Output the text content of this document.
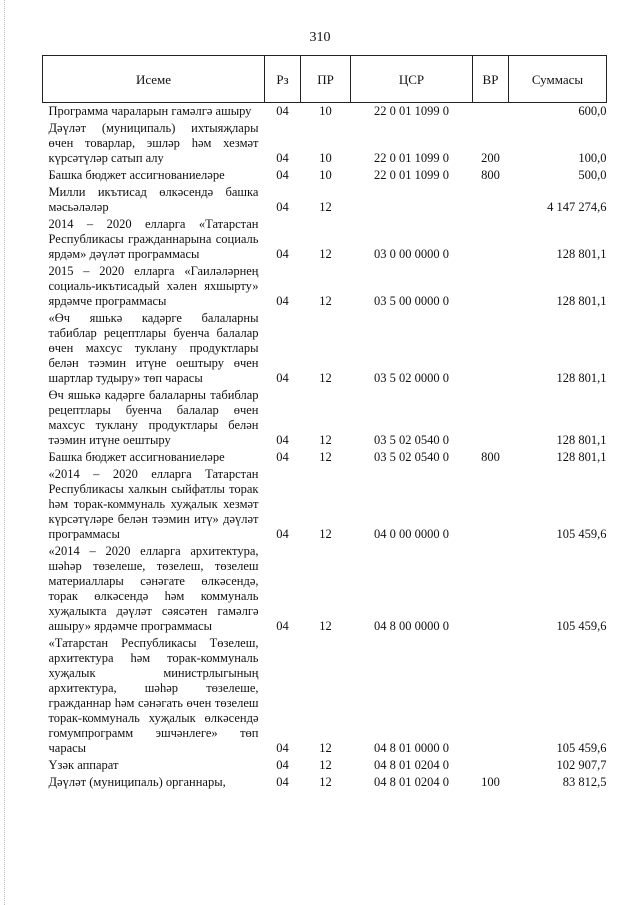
310
Исеме	Рз	ПР	ЦСР	ВР	Суммасы
Программа чараларын гамәлгә ашыру	04	10	22 0 01 1099 0		600,0
Дәүләт (муниципаль) ихтыяҗлары өчен товарлар, эшләр һәм хезмәт күрсәтүләр сатып алу	04	10	22 0 01 1099 0	200	100,0
Башка бюджет ассигнованиеләре	04	10	22 0 01 1099 0	800	500,0
Милли икътисад өлкәсендә башка мәсьәләләр	04	12			4 147 274,6
2014 – 2020 елларга «Татарстан Республикасы гражданнарына социаль ярдәм» дәүләт программасы	04	12	03 0 00 0000 0		128 801,1
2015 – 2020 елларга «Гаиләләрнең социаль-икътисадый хәлен яхшырту» ярдәмче программасы	04	12	03 5 00 0000 0		128 801,1
«Өч яшькә кадәрге балаларны табиблар рецептлары буенча балалар өчен махсус туклану продуктлары белән тәэмин итүне оештыру өчен шартлар тудыру» төп чарасы	04	12	03 5 02 0000 0		128 801,1
Өч яшькә кадәрге балаларны табиблар рецептлары буенча балалар өчен махсус туклану продуктлары белән тәэмин итүне оештыру	04	12	03 5 02 0540 0		128 801,1
Башка бюджет ассигнованиеләре	04	12	03 5 02 0540 0	800	128 801,1
«2014 – 2020 елларга Татарстан Республикасы халкын сыйфатлы торак һәм торак-коммуналь хуҗалык хезмәт күрсәтүләре белән тәэмин итү» дәүләт программасы	04	12	04 0 00 0000 0		105 459,6
«2014 – 2020 елларга архитектура, шәһәр төзелеше, төзелеш, төзелеш материаллары сәнәгате өлкәсендә, торак өлкәсендә һәм коммуналь хуҗалыкта дәүләт сәясәтен гамәлгә ашыру» ярдәмче программасы	04	12	04 8 00 0000 0		105 459,6
«Татарстан Республикасы Төзелеш, архитектура һәм торак-коммуналь хуҗалык министрлыгының архитектура, шәһәр төзелеше, гражданнар һәм сәнәгать өчен төзелеш торак-коммуналь хуҗалык өлкәсендә гомумпрограмм эшчәнлеге» төп чарасы	04	12	04 8 01 0000 0		105 459,6
Үзәк аппарат	04	12	04 8 01 0204 0		102 907,7
Дәүләт (муниципаль) органнары,	04	12	04 8 01 0204 0	100	83 812,5
